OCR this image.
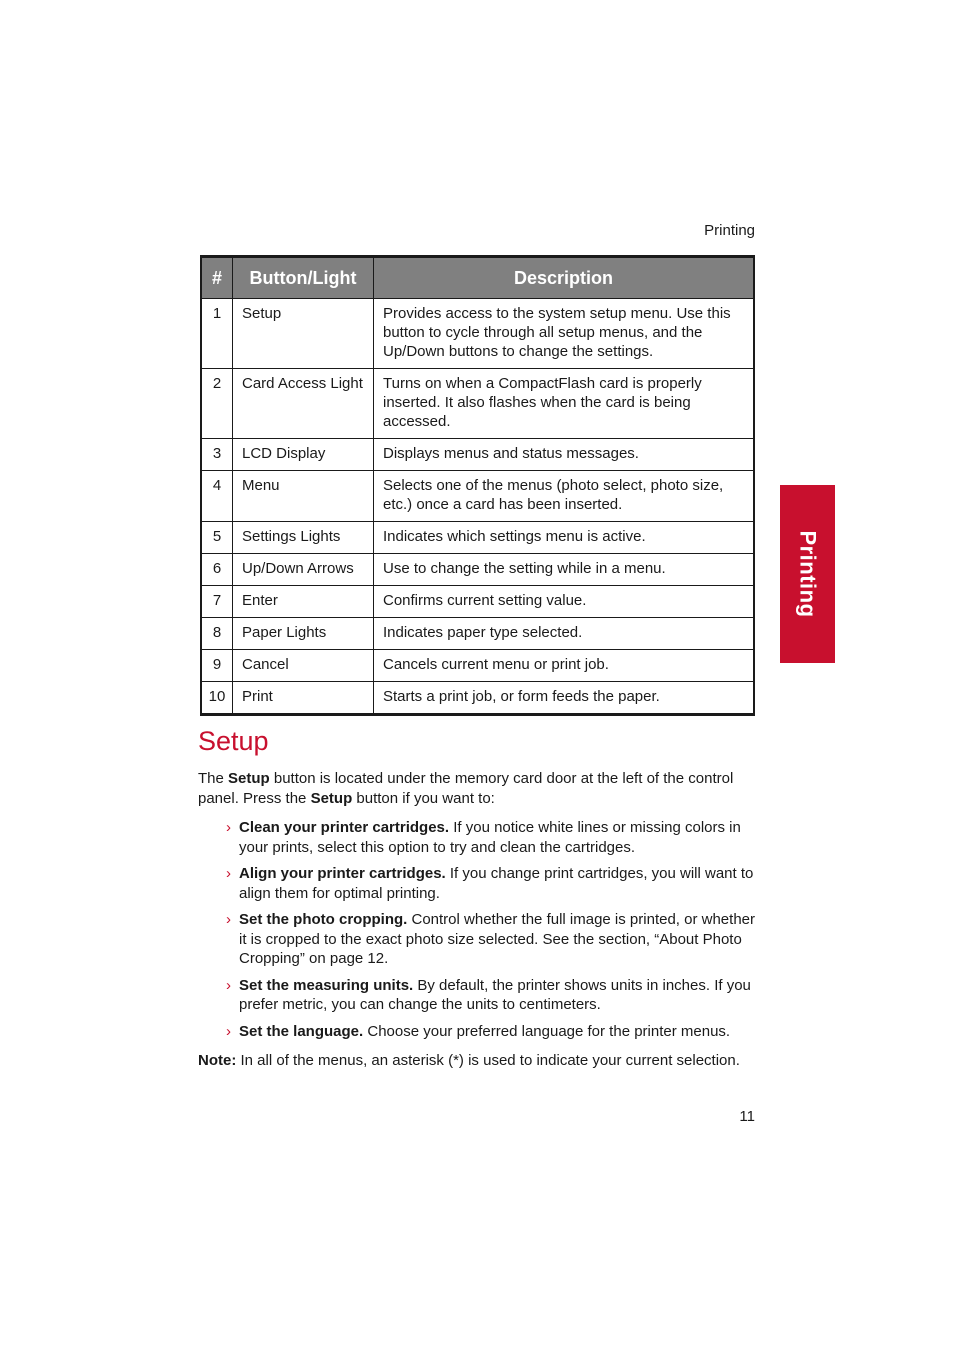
Printing
Printing
#	Button/Light	Description
1	Setup	Provides access to the system setup menu. Use this button to cycle through all setup menus, and the Up/Down buttons to change the settings.
2	Card Access Light	Turns on when a CompactFlash card is properly inserted. It also flashes when the card is being accessed.
3	LCD Display	Displays menus and status messages.
4	Menu	Selects one of the menus (photo select, photo size, etc.) once a card has been inserted.
5	Settings Lights	Indicates which settings menu is active.
6	Up/Down Arrows	Use to change the setting while in a menu.
7	Enter	Confirms current setting value.
8	Paper Lights	Indicates paper type selected.
9	Cancel	Cancels current menu or print job.
10	Print	Starts a print job, or form feeds the paper.
Setup

The Setup button is located under the memory card door at the left of the control panel. Press the Setup button if you want to:

› Clean your printer cartridges. If you notice white lines or missing colors in your prints, select this option to try and clean the cartridges.
› Align your printer cartridges. If you change print cartridges, you will want to align them for optimal printing.
› Set the photo cropping. Control whether the full image is printed, or whether it is cropped to the exact photo size selected. See the section, “About Photo Cropping” on page 12.
› Set the measuring units. By default, the printer shows units in inches. If you prefer metric, you can change the units to centimeters.
› Set the language. Choose your preferred language for the printer menus.

Note: In all of the menus, an asterisk (*) is used to indicate your current selection.

11
